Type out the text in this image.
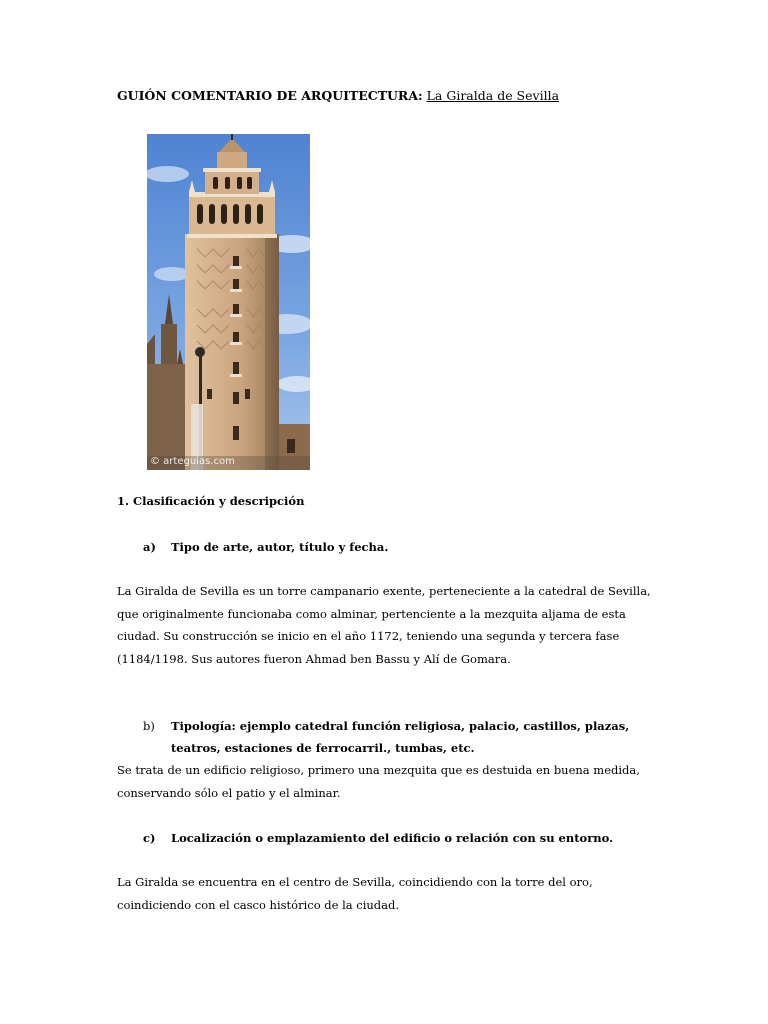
GUIÓN COMENTARIO DE ARQUITECTURA: La Giralda de Sevilla
© arteguias.com
1. Clasificación y descripción
a) Tipo de arte, autor, título y fecha.
La Giralda de Sevilla es un torre campanario exente, perteneciente a la catedral de Sevilla,
que originalmente funcionaba como alminar, pertenciente a la mezquita aljama de esta
ciudad. Su construcción se inicio en el año 1172, teniendo una segunda y tercera fase
(1184/1198. Sus autores fueron Ahmad ben Bassu y Alí de Gomara.
b) Tipología: ejemplo catedral función religiosa, palacio, castillos, plazas,
teatros, estaciones de ferrocarril., tumbas, etc.
Se trata de un edificio religioso, primero una mezquita que es destuida en buena medida,
conservando sólo el patio y el alminar.
c) Localización o emplazamiento del edificio o relación con su entorno.
La Giralda se encuentra en el centro de Sevilla, coincidiendo con la torre del oro,
coindiciendo con el casco histórico de la ciudad.
